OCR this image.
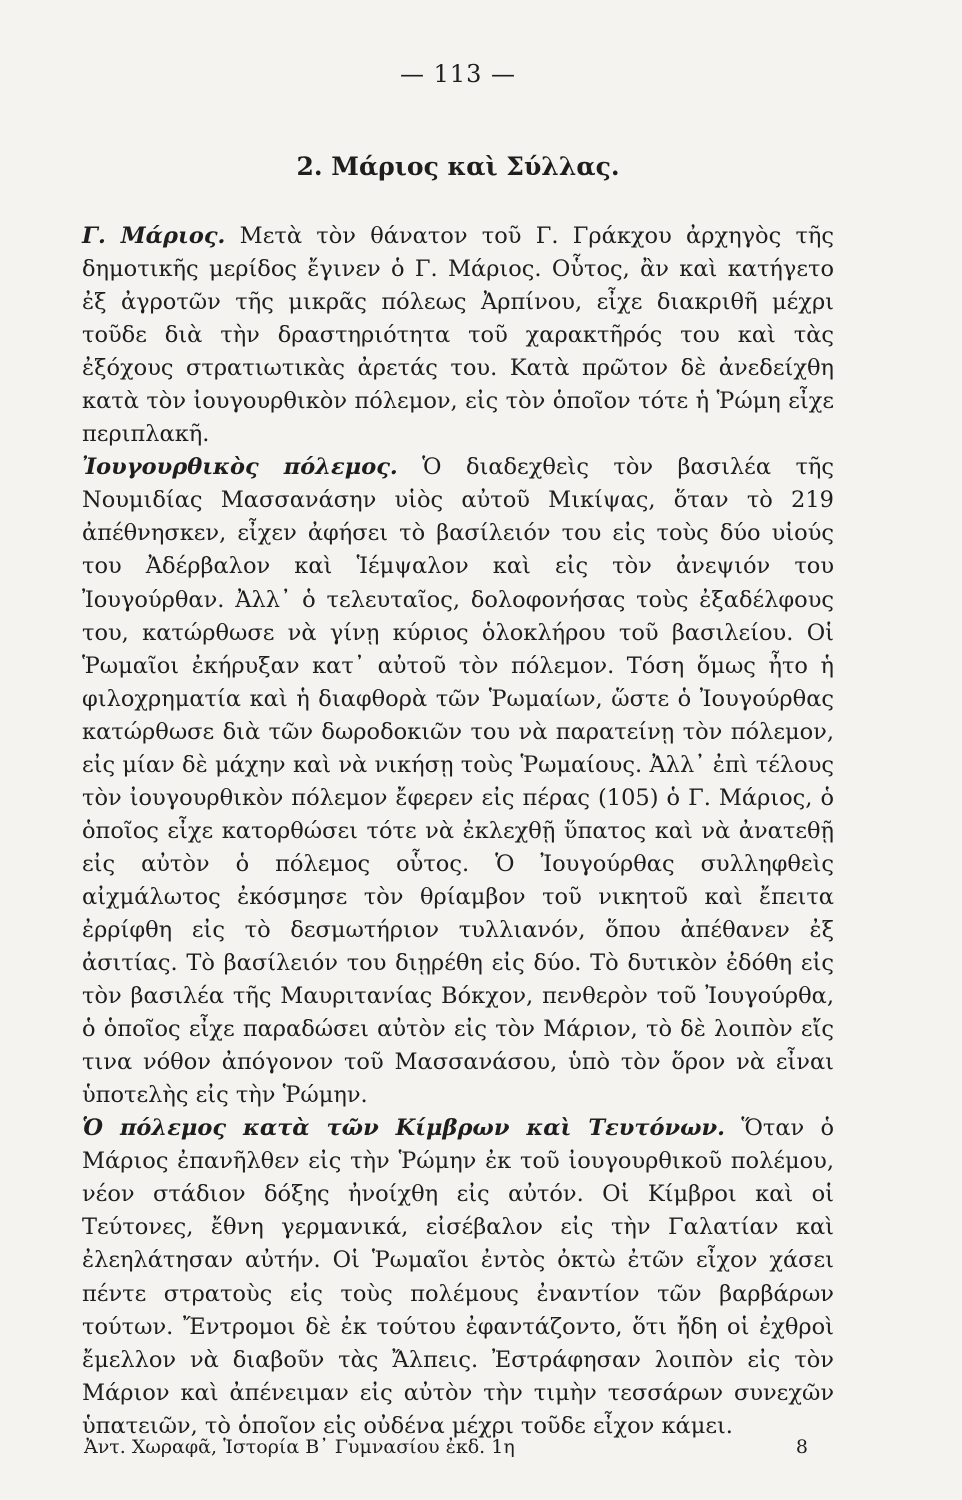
— 113 —
2. Μάριος καὶ Σύλλας.

Γ. Μάριος. Μετὰ τὸν θάνατον τοῦ Γ. Γράκχου ἀρχηγὸς τῆς δημοτικῆς μερίδος ἔγινεν ὁ Γ. Μάριος. Οὗτος, ἂν καὶ κατήγετο ἐξ ἀγροτῶν τῆς μικρᾶς πόλεως Ἀρπίνου, εἶχε διακριθῆ μέχρι τοῦδε διὰ τὴν δραστηριότητα τοῦ χαρακτῆρός του καὶ τὰς ἐξόχους στρατιωτικὰς ἀρετάς του. Κατὰ πρῶτον δὲ ἀνεδείχθη κατὰ τὸν ἰουγουρθικὸν πόλεμον, εἰς τὸν ὁποῖον τότε ἡ Ῥώμη εἶχε περιπλακῆ.

Ἰουγουρθικὸς πόλεμος. Ὁ διαδεχθεὶς τὸν βασιλέα τῆς Νουμιδίας Μασσανάσην υἱὸς αὐτοῦ Μικίψας, ὅταν τὸ 219 ἀπέθνησκεν, εἶχεν ἀφήσει τὸ βασίλειόν του εἰς τοὺς δύο υἱούς του Ἀδέρβαλον καὶ Ἱέμψαλον καὶ εἰς τὸν ἀνεψιόν του Ἰουγούρθαν. Ἀλλ᾽ ὁ τελευταῖος, δολοφονήσας τοὺς ἐξαδέλφους του, κατώρθωσε νὰ γίνῃ κύριος ὁλοκλήρου τοῦ βασιλείου. Οἱ Ῥωμαῖοι ἐκήρυξαν κατ᾽ αὐτοῦ τὸν πόλεμον. Τόση ὅμως ἦτο ἡ φιλοχρηματία καὶ ἡ διαφθορὰ τῶν Ῥωμαίων, ὥστε ὁ Ἰουγούρθας κατώρθωσε διὰ τῶν δωροδοκιῶν του νὰ παρατείνῃ τὸν πόλεμον, εἰς μίαν δὲ μάχην καὶ νὰ νικήσῃ τοὺς Ῥωμαίους. Ἀλλ᾽ ἐπὶ τέλους τὸν ἰουγουρθικὸν πόλεμον ἔφερεν εἰς πέρας (105) ὁ Γ. Μάριος, ὁ ὁποῖος εἶχε κατορθώσει τότε νὰ ἐκλεχθῇ ὕπατος καὶ νὰ ἀνατεθῇ εἰς αὐτὸν ὁ πόλεμος οὗτος. Ὁ Ἰουγούρθας συλληφθεὶς αἰχμάλωτος ἐκόσμησε τὸν θρίαμβον τοῦ νικητοῦ καὶ ἔπειτα ἐρρίφθη εἰς τὸ δεσμωτήριον τυλλιανόν, ὅπου ἀπέθανεν ἐξ ἀσιτίας. Τὸ βασίλειόν του διῃρέθη εἰς δύο. Τὸ δυτικὸν ἐδόθη εἰς τὸν βασιλέα τῆς Μαυριτανίας Βόκχον, πενθερὸν τοῦ Ἰουγούρθα, ὁ ὁποῖος εἶχε παραδώσει αὐτὸν εἰς τὸν Μάριον, τὸ δὲ λοιπὸν εἴς τινα νόθον ἀπόγονον τοῦ Μασσανάσου, ὑπὸ τὸν ὅρον νὰ εἶναι ὑποτελὴς εἰς τὴν Ῥώμην.

Ὁ πόλεμος κατὰ τῶν Κίμβρων καὶ Τευτόνων. Ὅταν ὁ Μάριος ἐπανῆλθεν εἰς τὴν Ῥώμην ἐκ τοῦ ἰουγουρθικοῦ πολέμου, νέον στάδιον δόξης ἠνοίχθη εἰς αὐτόν. Οἱ Κίμβροι καὶ οἱ Τεύτονες, ἔθνη γερμανικά, εἰσέβαλον εἰς τὴν Γαλατίαν καὶ ἐλεηλάτησαν αὐτήν. Οἱ Ῥωμαῖοι ἐντὸς ὀκτὼ ἐτῶν εἶχον χάσει πέντε στρατοὺς εἰς τοὺς πολέμους ἐναντίον τῶν βαρβάρων τούτων. Ἔντρομοι δὲ ἐκ τούτου ἐφαντάζοντο, ὅτι ἤδη οἱ ἐχθροὶ ἔμελλον νὰ διαβοῦν τὰς Ἄλπεις. Ἐστράφησαν λοιπὸν εἰς τὸν Μάριον καὶ ἀπένειμαν εἰς αὐτὸν τὴν τιμὴν τεσσάρων συνεχῶν ὑπατειῶν, τὸ ὁποῖον εἰς οὐδένα μέχρι τοῦδε εἶχον κάμει.

Ἀντ. Χωραφᾶ, Ἱστορία Β᾽ Γυμνασίου ἐκδ. 1η	8
